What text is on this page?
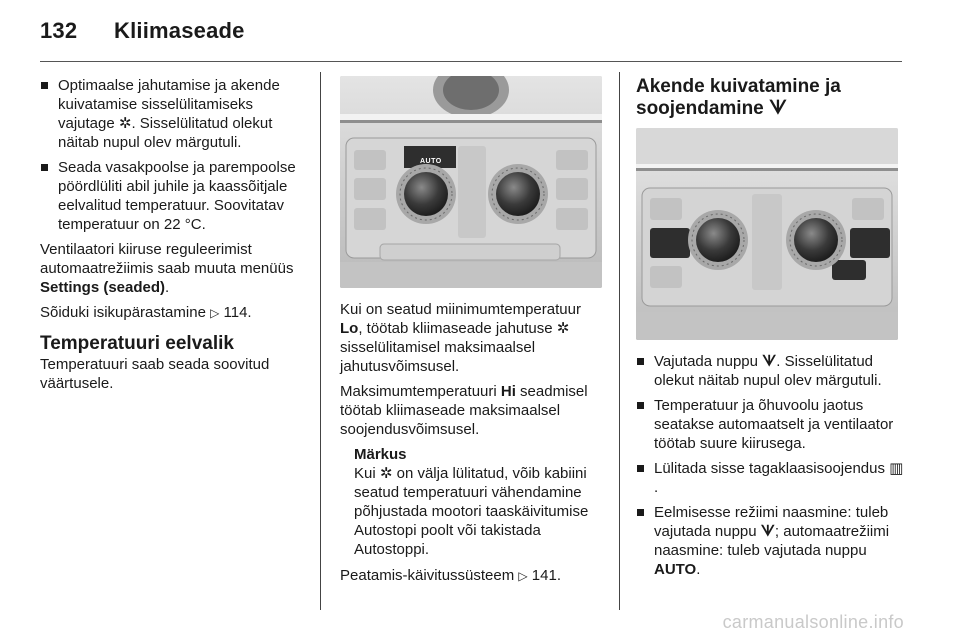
132 Kliimaseade
Optimaalse jahutamise ja akende kuivatamise sisselülitamiseks vajutage ✲. Sisselülitatud olekut näitab nupul olev märgutuli.
Seada vasakpoolse ja parempoolse pöördlüliti abil juhile ja kaassõitjale eelvalitud temperatuur. Soovitatav temperatuur on 22 °C.
Ventilaatori kiiruse reguleerimist automaatrežiimis saab muuta menüüs Settings (seaded).
Sõiduki isikupärastamine ▷ 114.
Temperatuuri eelvalik
Temperatuuri saab seada soovitud väärtusele.
AUTO
Kui on seatud miinimumtemperatuur Lo, töötab kliimaseade jahutuse ✲ sisselülitamisel maksimaalsel jahutusvõimsusel.
Maksimumtemperatuuri Hi seadmisel töötab kliimaseade maksimaalsel soojendusvõimsusel.
Märkus
Kui ✲ on välja lülitatud, võib kabiini seatud temperatuuri vähendamine põhjustada mootori taaskäivitumise Autostopi poolt või takistada Autostoppi.
Peatamis-käivitussüsteem ▷ 141.
Akende kuivatamine ja
soojendamine ᗐ
Vajutada nuppu ᗐ. Sisselülitatud olekut näitab nupul olev märgutuli.
Temperatuur ja õhuvoolu jaotus seatakse automaatselt ja ventilaator töötab suure kiirusega.
Lülitada sisse tagaklaasisoojendus ▥.
Eelmisesse režiimi naasmine: tuleb vajutada nuppu ᗐ; automaatrežiimi naasmine: tuleb vajutada nuppu AUTO.
carmanualsonline.info
